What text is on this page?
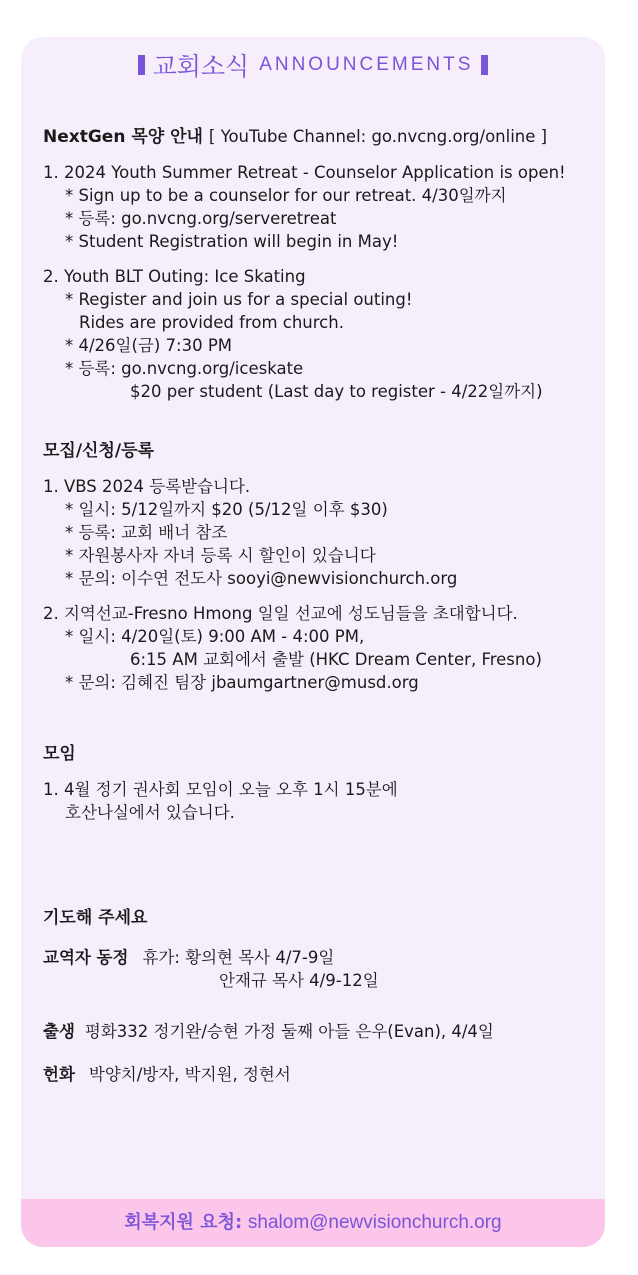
교회소식 ANNOUNCEMENTS
NextGen 목양 안내 [ YouTube Channel: go.nvcng.org/online ]
1. 2024 Youth Summer Retreat - Counselor Application is open!
* Sign up to be a counselor for our retreat. 4/30일까지
* 등록: go.nvcng.org/serveretreat
* Student Registration will begin in May!
2. Youth BLT Outing: Ice Skating
* Register and join us for a special outing!
Rides are provided from church.
* 4/26일(금) 7:30 PM
* 등록: go.nvcng.org/iceskate
$20 per student (Last day to register - 4/22일까지)
모집/신청/등록
1. VBS 2024 등록받습니다.
* 일시: 5/12일까지 $20 (5/12일 이후 $30)
* 등록: 교회 배너 참조
* 자원봉사자 자녀 등록 시 할인이 있습니다
* 문의: 이수연 전도사 sooyi@newvisionchurch.org
2. 지역선교-Fresno Hmong 일일 선교에 성도님들을 초대합니다.
* 일시: 4/20일(토) 9:00 AM - 4:00 PM,
6:15 AM 교회에서 출발 (HKC Dream Center, Fresno)
* 문의: 김혜진 팀장 jbaumgartner@musd.org
모임
1. 4월 정기 권사회 모임이 오늘 오후 1시 15분에
호산나실에서 있습니다.
기도해 주세요
교역자 동정 휴가: 황의현 목사 4/7-9일
안재규 목사 4/9-12일
출생 평화332 정기완/승현 가정 둘째 아들 은우(Evan), 4/4일
헌화 박양치/방자, 박지원, 정현서
회복지원 요청: shalom@newvisionchurch.org
